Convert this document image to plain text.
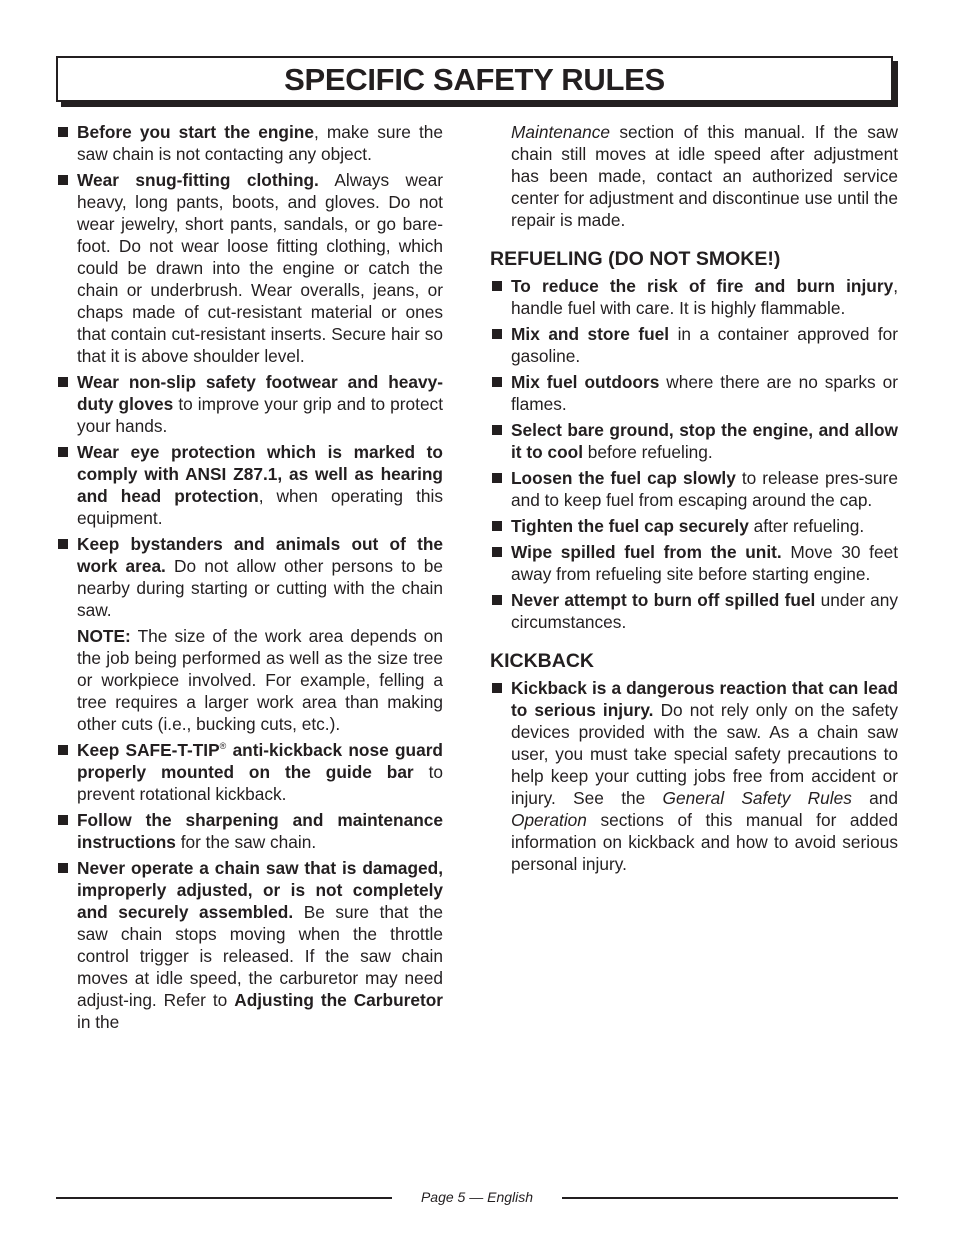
SPECIFIC SAFETY RULES
Before you start the engine, make sure the saw chain is not contacting any object.
Wear snug-fitting clothing. Always wear heavy, long pants, boots, and gloves. Do not wear jewelry, short pants, sandals, or go bare-foot. Do not wear loose fitting clothing, which could be drawn into the engine or catch the chain or underbrush. Wear overalls, jeans, or chaps made of cut-resistant material or ones that contain cut-resistant inserts. Secure hair so that it is above shoulder level.
Wear non-slip safety footwear and heavy-duty gloves to improve your grip and to protect your hands.
Wear eye protection which is marked to comply with ANSI Z87.1, as well as hearing and head protection, when operating this equipment.
Keep bystanders and animals out of the work area. Do not allow other persons to be nearby during starting or cutting with the chain saw.
NOTE: The size of the work area depends on the job being performed as well as the size tree or workpiece involved. For example, felling a tree requires a larger work area than making other cuts (i.e., bucking cuts, etc.).
Keep SAFE-T-TIP® anti-kickback nose guard properly mounted on the guide bar to prevent rotational kickback.
Follow the sharpening and maintenance instructions for the saw chain.
Never operate a chain saw that is damaged, improperly adjusted, or is not completely and securely assembled. Be sure that the saw chain stops moving when the throttle control trigger is released. If the saw chain moves at idle speed, the carburetor may need adjust-ing. Refer to Adjusting the Carburetor in the
Maintenance section of this manual. If the saw chain still moves at idle speed after adjustment has been made, contact an authorized service center for adjustment and discontinue use until the repair is made.
REFUELING (DO NOT SMOKE!)
To reduce the risk of fire and burn injury, handle fuel with care. It is highly flammable.
Mix and store fuel in a container approved for gasoline.
Mix fuel outdoors where there are no sparks or flames.
Select bare ground, stop the engine, and allow it to cool before refueling.
Loosen the fuel cap slowly to release pres-sure and to keep fuel from escaping around the cap.
Tighten the fuel cap securely after refueling.
Wipe spilled fuel from the unit. Move 30 feet away from refueling site before starting engine.
Never attempt to burn off spilled fuel under any circumstances.
KICKBACK
Kickback is a dangerous reaction that can lead to serious injury. Do not rely only on the safety devices provided with the saw. As a chain saw user, you must take special safety precautions to help keep your cutting jobs free from accident or injury. See the General Safety Rules and Operation sections of this manual for added information on kickback and how to avoid serious personal injury.
Page 5 — English
